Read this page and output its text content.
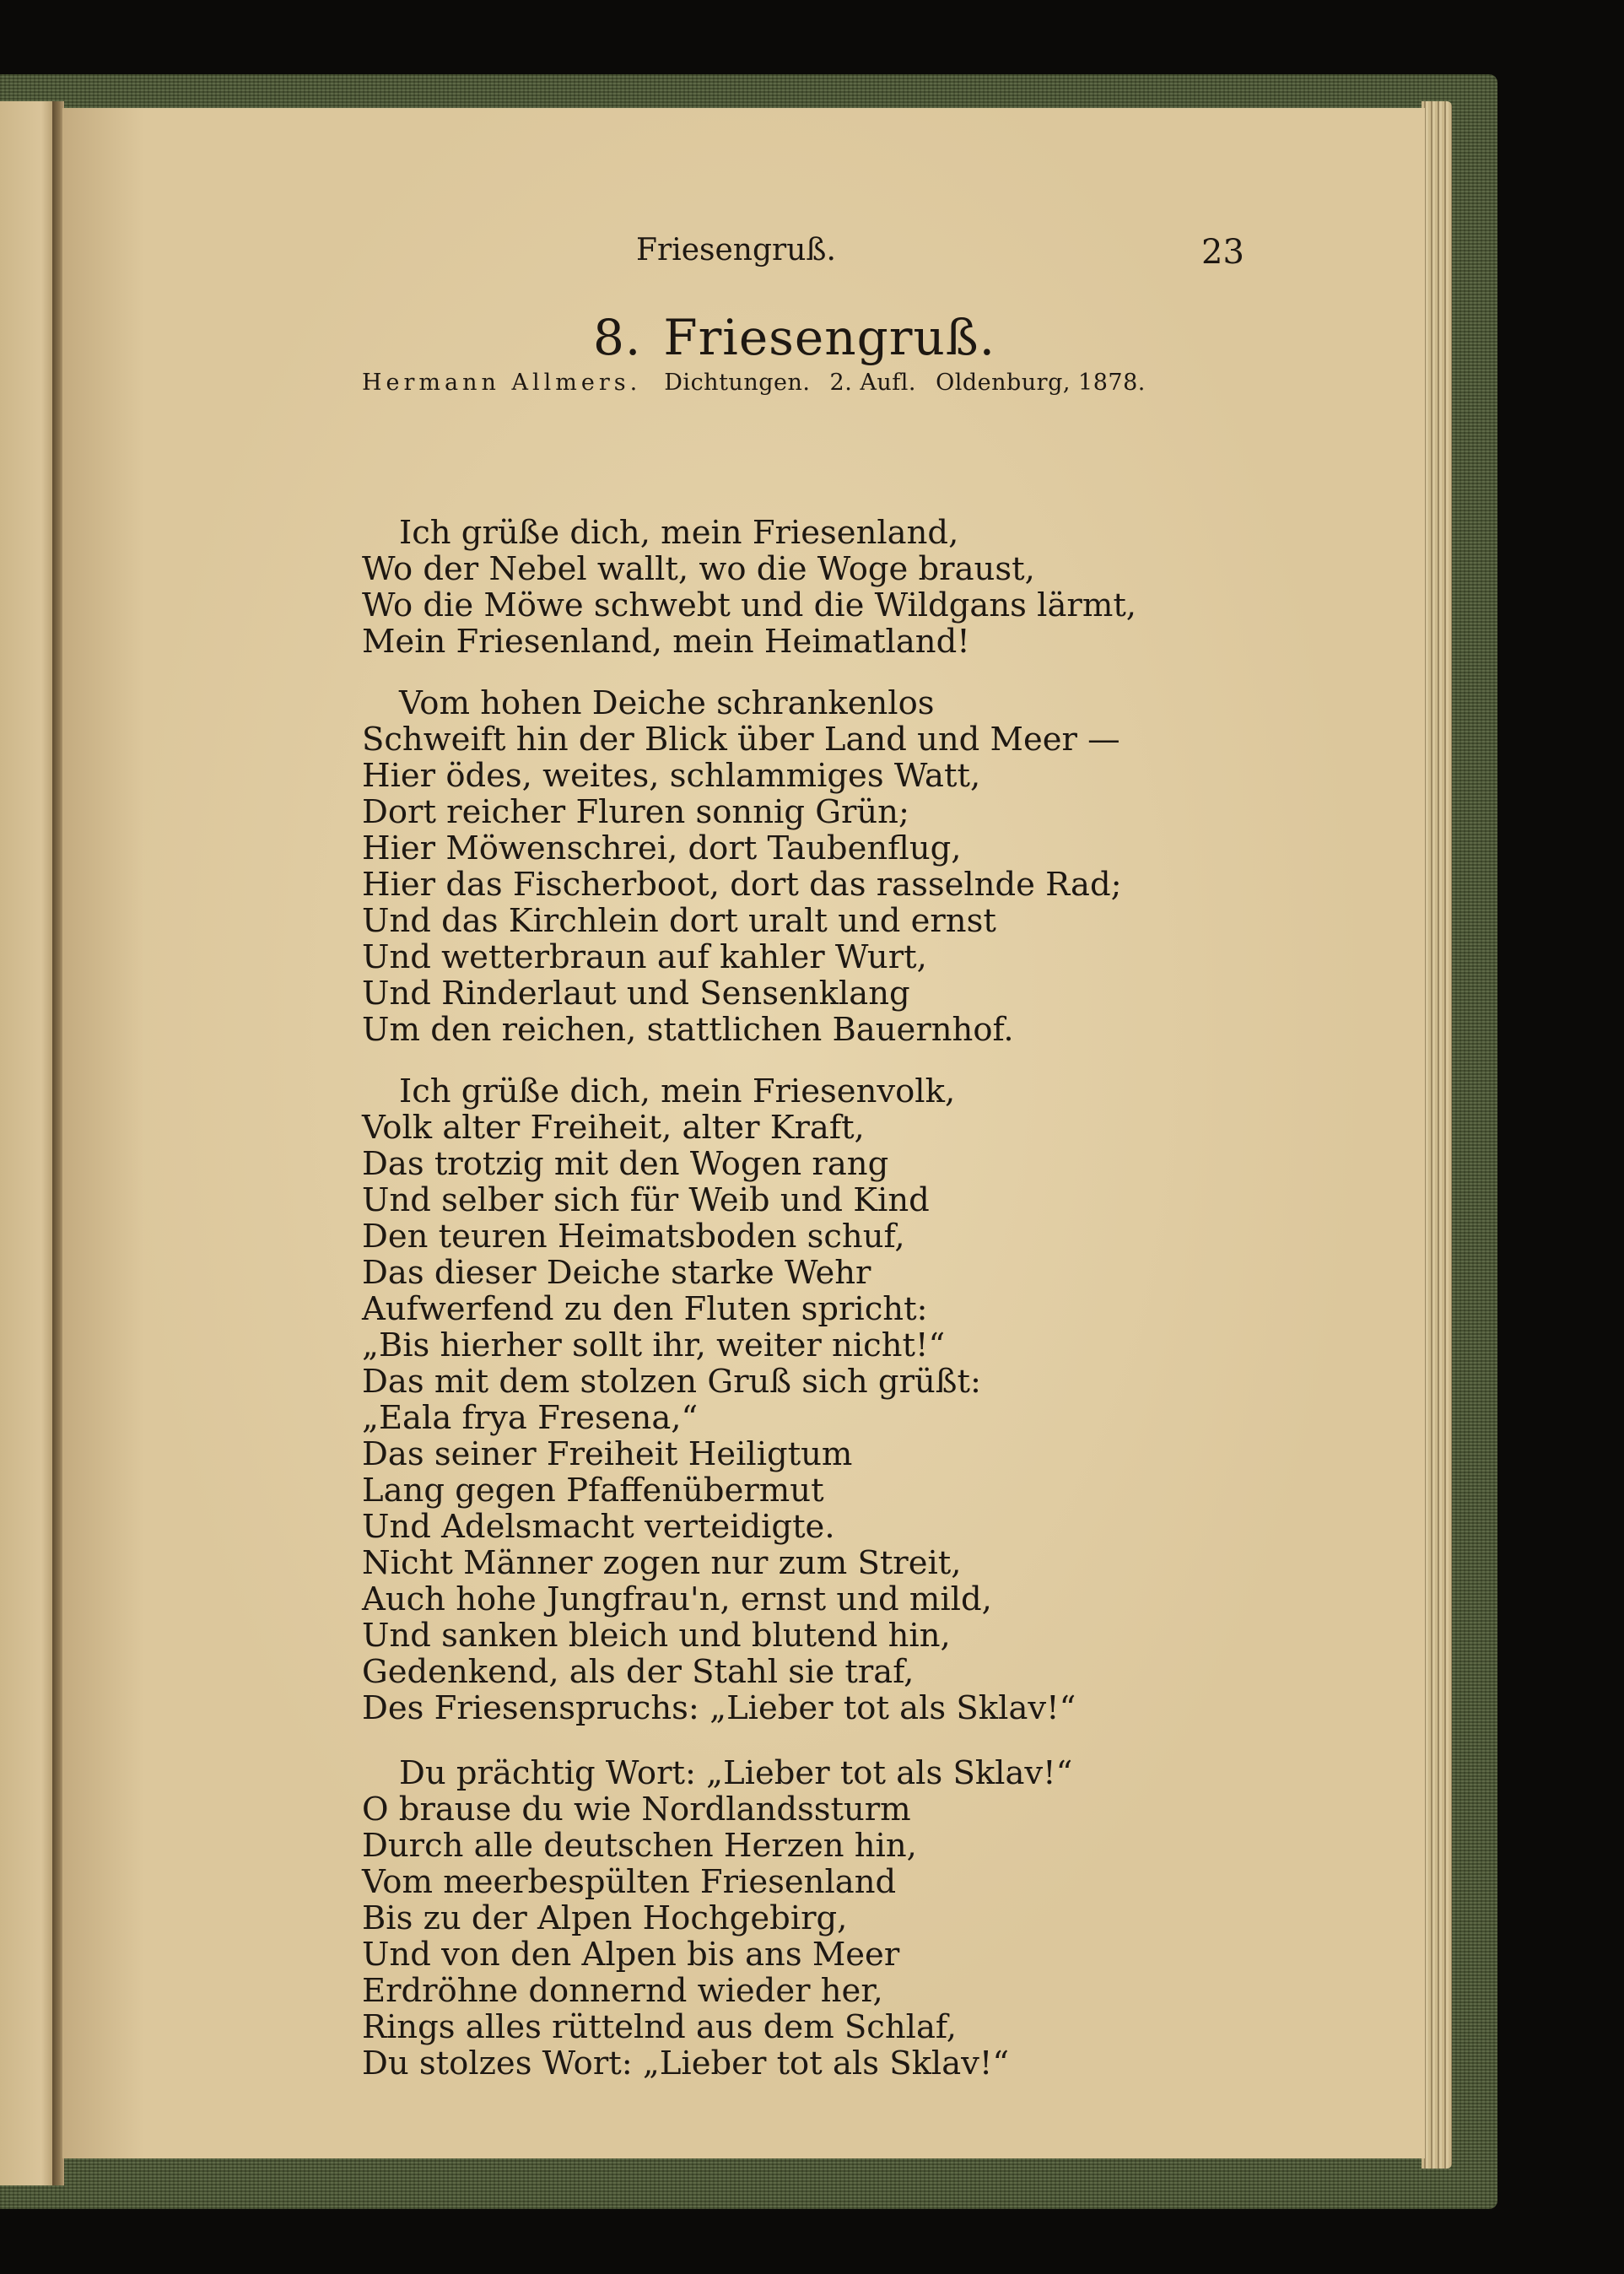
Friesengruß.	23
8. Friesengruß.
Hermann Allmers. Dichtungen. 2. Aufl. Oldenburg, 1878.
Ich grüße dich, mein Friesenland,
Wo der Nebel wallt, wo die Woge braust,
Wo die Möwe schwebt und die Wildgans lärmt,
Mein Friesenland, mein Heimatland!
Vom hohen Deiche schrankenlos
Schweift hin der Blick über Land und Meer —
Hier ödes, weites, schlammiges Watt,
Dort reicher Fluren sonnig Grün;
Hier Möwenschrei, dort Taubenflug,
Hier das Fischerboot, dort das rasselnde Rad;
Und das Kirchlein dort uralt und ernst
Und wetterbraun auf kahler Wurt,
Und Rinderlaut und Sensenklang
Um den reichen, stattlichen Bauernhof.
Ich grüße dich, mein Friesenvolk,
Volk alter Freiheit, alter Kraft,
Das trotzig mit den Wogen rang
Und selber sich für Weib und Kind
Den teuren Heimatsboden schuf,
Das dieser Deiche starke Wehr
Aufwerfend zu den Fluten spricht:
„Bis hierher sollt ihr, weiter nicht!“
Das mit dem stolzen Gruß sich grüßt:
„Eala frya Fresena,“
Das seiner Freiheit Heiligtum
Lang gegen Pfaffenübermut
Und Adelsmacht verteidigte.
Nicht Männer zogen nur zum Streit,
Auch hohe Jungfrau'n, ernst und mild,
Und sanken bleich und blutend hin,
Gedenkend, als der Stahl sie traf,
Des Friesenspruchs: „Lieber tot als Sklav!“
Du prächtig Wort: „Lieber tot als Sklav!“
O brause du wie Nordlandssturm
Durch alle deutschen Herzen hin,
Vom meerbespülten Friesenland
Bis zu der Alpen Hochgebirg,
Und von den Alpen bis ans Meer
Erdröhne donnernd wieder her,
Rings alles rüttelnd aus dem Schlaf,
Du stolzes Wort: „Lieber tot als Sklav!“
